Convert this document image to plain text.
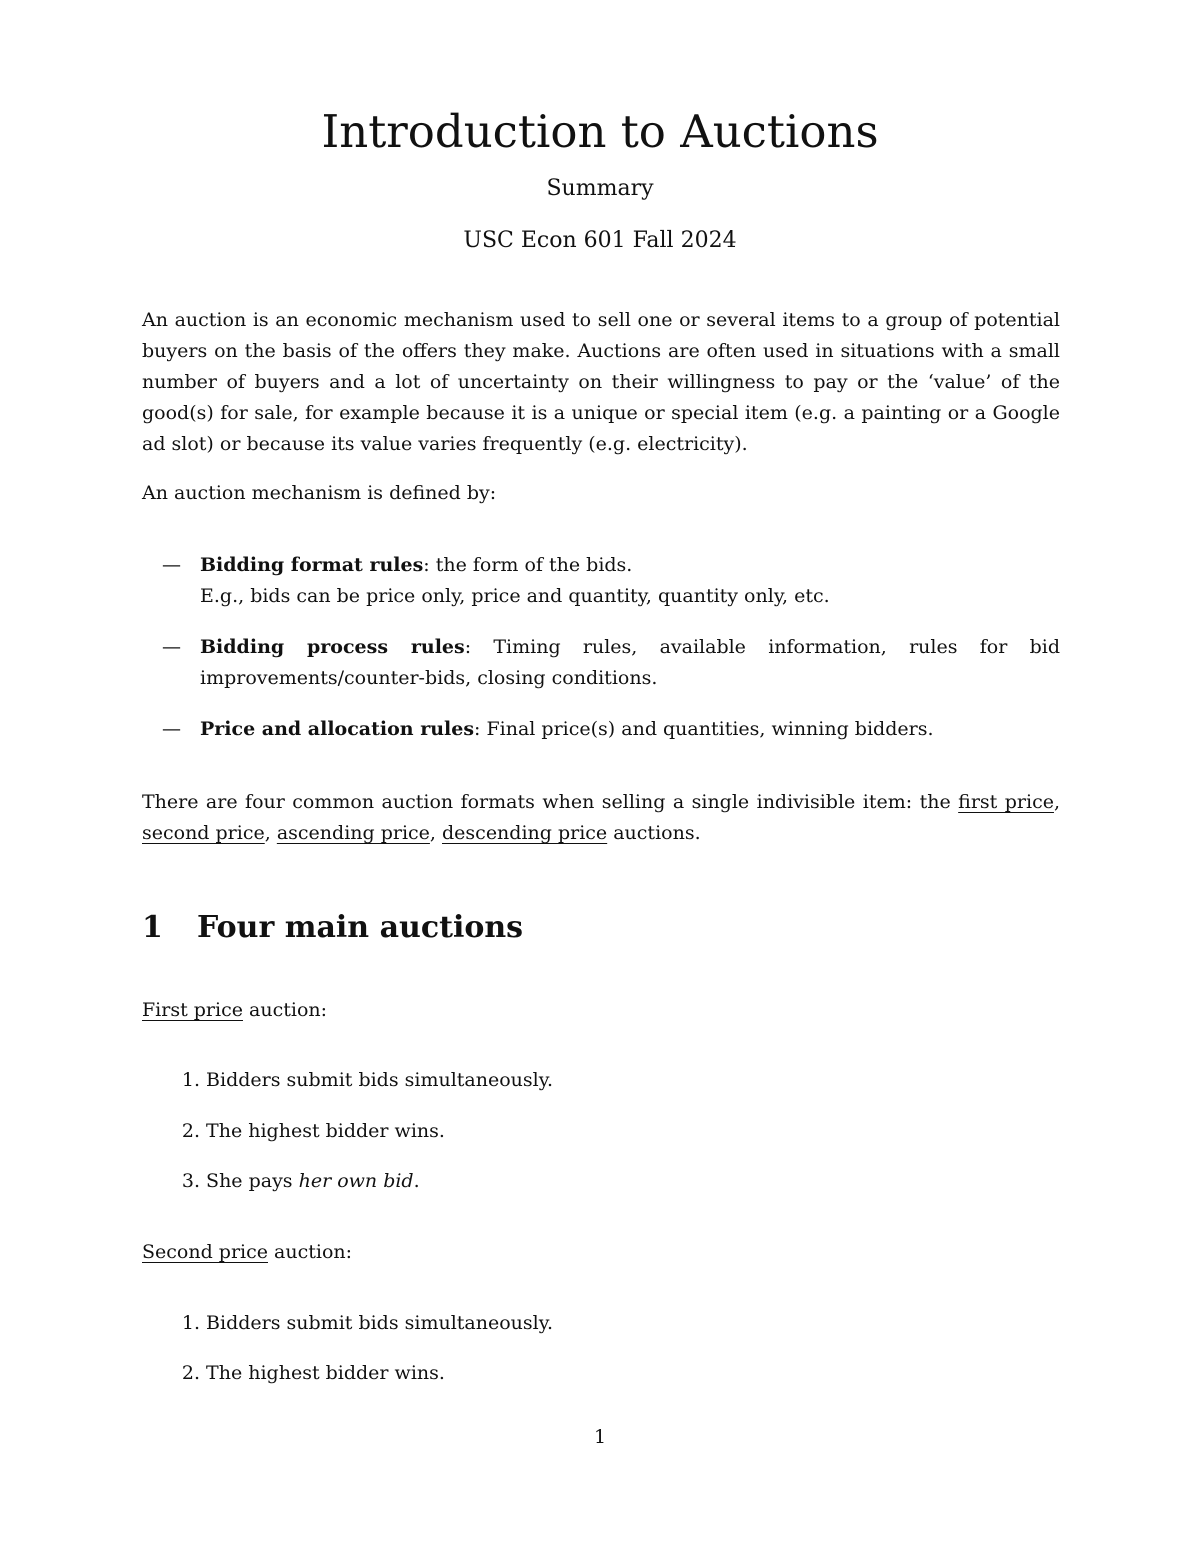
Introduction to Auctions

Summary

USC Econ 601 Fall 2024

An auction is an economic mechanism used to sell one or several items to a group of potential buyers on the basis of the offers they make. Auctions are often used in situations with a small number of buyers and a lot of uncertainty on their willingness to pay or the ‘value’ of the good(s) for sale, for example because it is a unique or special item (e.g. a painting or a Google ad slot) or because its value varies frequently (e.g. electricity).

An auction mechanism is defined by:

— Bidding format rules: the form of the bids.
E.g., bids can be price only, price and quantity, quantity only, etc.
— Bidding process rules: Timing rules, available information, rules for bid improvements/counter-bids, closing conditions.
— Price and allocation rules: Final price(s) and quantities, winning bidders.

There are four common auction formats when selling a single indivisible item: the first price, second price, ascending price, descending price auctions.

1 Four main auctions

First price auction:

1. Bidders submit bids simultaneously.
2. The highest bidder wins.
3. She pays her own bid.

Second price auction:

1. Bidders submit bids simultaneously.
2. The highest bidder wins.
1
